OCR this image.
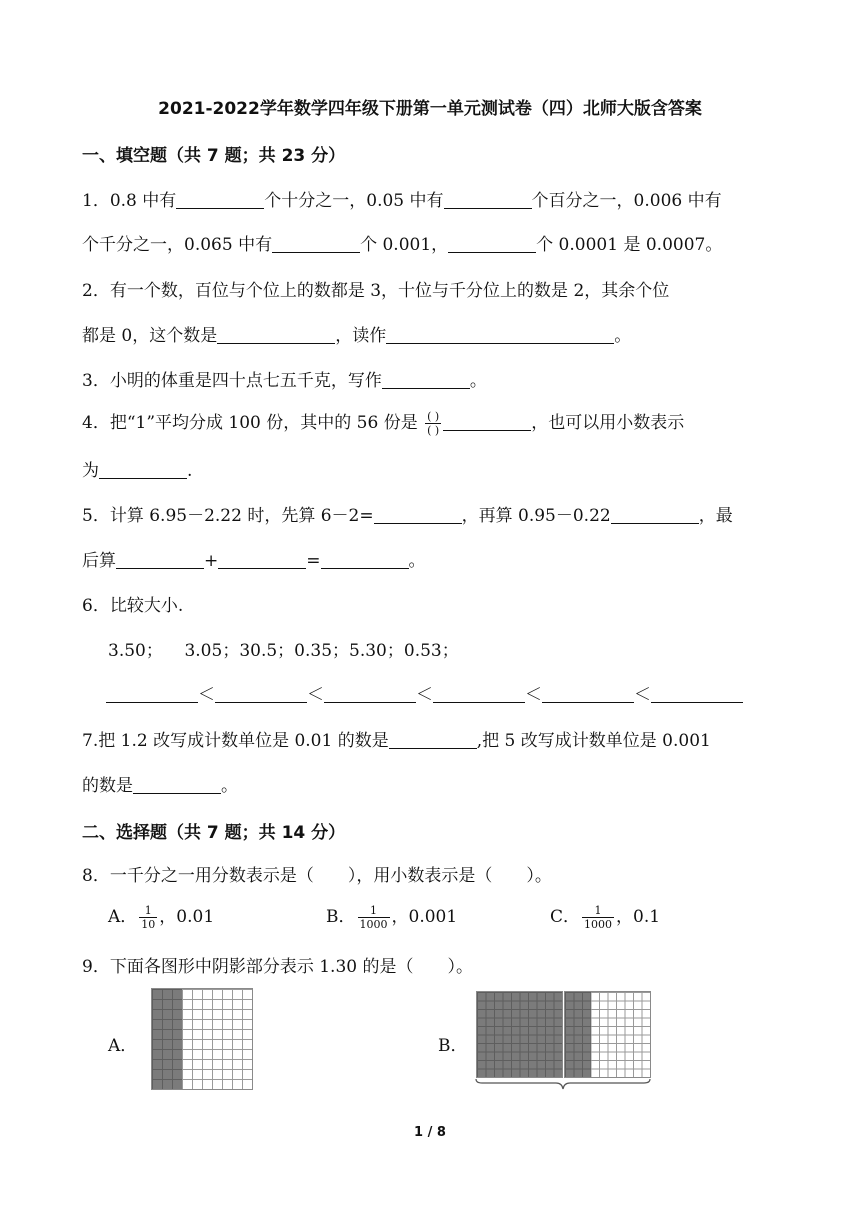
2021-2022学年数学四年级下册第一单元测试卷（四）北师大版含答案
一、填空题（共 7 题；共 23 分）
1．0.8 中有	个十分之一，0.05 中有	个百分之一，0.006 中有
个千分之一，0.065 中有	个 0.001，	个 0.0001 是 0.0007。
2．有一个数，百位与个位上的数都是 3，十位与千分位上的数是 2，其余个位
都是 0，这个数是	，读作	。
3．小明的体重是四十点七五千克，写作	。
4．把“1”平均分成 100 份，其中的 56 份是 $\frac{( )}{( )}$	，也可以用小数表示
为	.
5．计算 6.95－2.22 时，先算 6－2=	，再算 0.95－0.22	，最
后算	+	=	。
6．比较大小.
3.50；    3.05；30.5；0.35；5.30；0.53；
＜	＜	＜	＜	＜
7.把 1.2 改写成计数单位是 0.01 的数是	,把 5 改写成计数单位是 0.001
的数是	。
二、选择题（共 7 题；共 14 分）
8．一千分之一用分数表示是（　　），用小数表示是（　　）。
A． $\frac{1}{10}$ ，0.01	B． $\frac{1}{1000}$ ，0.001	C． $\frac{1}{1000}$ ，0.1
9．下面各图形中阴影部分表示 1.30 的是（　　）。
A．	B．
1 / 8
